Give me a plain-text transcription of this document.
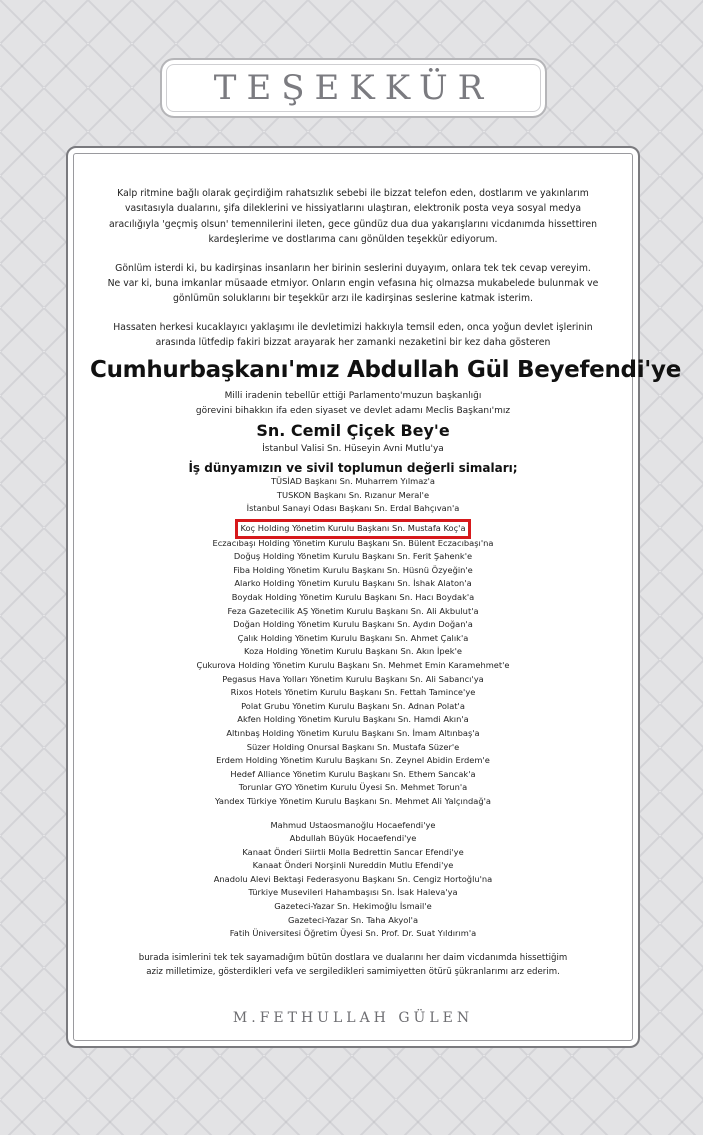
TEŞEKKÜR

Kalp ritmine bağlı olarak geçirdiğim rahatsızlık sebebi ile bizzat telefon eden, dostlarım ve yakınlarım
vasıtasıyla dualarını, şifa dileklerini ve hissiyatlarını ulaştıran, elektronik posta veya sosyal medya
aracılığıyla 'geçmiş olsun' temennilerini ileten, gece gündüz dua dua yakarışlarını vicdanımda hissettiren
kardeşlerime ve dostlarıma canı gönülden teşekkür ediyorum.

Gönlüm isterdi ki, bu kadirşinas insanların her birinin seslerini duyayım, onlara tek tek cevap vereyim.
Ne var ki, buna imkanlar müsaade etmiyor. Onların engin vefasına hiç olmazsa mukabelede bulunmak ve
gönlümün soluklarını bir teşekkür arzı ile kadirşinas seslerine katmak isterim.

Hassaten herkesi kucaklayıcı yaklaşımı ile devletimizi hakkıyla temsil eden, onca yoğun devlet işlerinin
arasında lütfedip fakiri bizzat arayarak her zamanki nezaketini bir kez daha gösteren

Cumhurbaşkanı'mız Abdullah Gül Beyefendi'ye
Milli iradenin tebellür ettiği Parlamento'muzun başkanlığı
görevini bihakkın ifa eden siyaset ve devlet adamı Meclis Başkanı'mız
Sn. Cemil Çiçek Bey'e
İstanbul Valisi Sn. Hüseyin Avni Mutlu'ya
İş dünyamızın ve sivil toplumun değerli simaları;
TÜSİAD Başkanı Sn. Muharrem Yılmaz'a
TUSKON Başkanı Sn. Rızanur Meral'e
İstanbul Sanayi Odası Başkanı Sn. Erdal Bahçıvan'a
Koç Holding Yönetim Kurulu Başkanı Sn. Mustafa Koç'a
Eczacıbaşı Holding Yönetim Kurulu Başkanı Sn. Bülent Eczacıbaşı'na
Doğuş Holding Yönetim Kurulu Başkanı Sn. Ferit Şahenk'e
Fiba Holding Yönetim Kurulu Başkanı Sn. Hüsnü Özyeğin'e
Alarko Holding Yönetim Kurulu Başkanı Sn. İshak Alaton'a
Boydak Holding Yönetim Kurulu Başkanı Sn. Hacı Boydak'a
Feza Gazetecilik AŞ Yönetim Kurulu Başkanı Sn. Ali Akbulut'a
Doğan Holding Yönetim Kurulu Başkanı Sn. Aydın Doğan'a
Çalık Holding Yönetim Kurulu Başkanı Sn. Ahmet Çalık'a
Koza Holding Yönetim Kurulu Başkanı Sn. Akın İpek'e
Çukurova Holding Yönetim Kurulu Başkanı Sn. Mehmet Emin Karamehmet'e
Pegasus Hava Yolları Yönetim Kurulu Başkanı Sn. Ali Sabancı'ya
Rixos Hotels Yönetim Kurulu Başkanı Sn. Fettah Tamince'ye
Polat Grubu Yönetim Kurulu Başkanı Sn. Adnan Polat'a
Akfen Holding Yönetim Kurulu Başkanı Sn. Hamdi Akın'a
Altınbaş Holding Yönetim Kurulu Başkanı Sn. İmam Altınbaş'a
Süzer Holding Onursal Başkanı Sn. Mustafa Süzer'e
Erdem Holding Yönetim Kurulu Başkanı Sn. Zeynel Abidin Erdem'e
Hedef Alliance Yönetim Kurulu Başkanı Sn. Ethem Sancak'a
Torunlar GYO Yönetim Kurulu Üyesi Sn. Mehmet Torun'a
Yandex Türkiye Yönetim Kurulu Başkanı Sn. Mehmet Ali Yalçındağ'a
Mahmud Ustaosmanoğlu Hocaefendi'ye
Abdullah Büyük Hocaefendi'ye
Kanaat Önderi Siirtli Molla Bedrettin Sancar Efendi'ye
Kanaat Önderi Norşinli Nureddin Mutlu Efendi'ye
Anadolu Alevi Bektaşi Federasyonu Başkanı Sn. Cengiz Hortoğlu'na
Türkiye Musevileri Hahambaşısı Sn. İsak Haleva'ya
Gazeteci-Yazar Sn. Hekimoğlu İsmail'e
Gazeteci-Yazar Sn. Taha Akyol'a
Fatih Üniversitesi Öğretim Üyesi Sn. Prof. Dr. Suat Yıldırım'a
burada isimlerini tek tek sayamadığım bütün dostlara ve dualarını her daim vicdanımda hissettiğim
aziz milletimize, gösterdikleri vefa ve sergiledikleri samimiyetten ötürü şükranlarımı arz ederim.
M.FETHULLAH GÜLEN
